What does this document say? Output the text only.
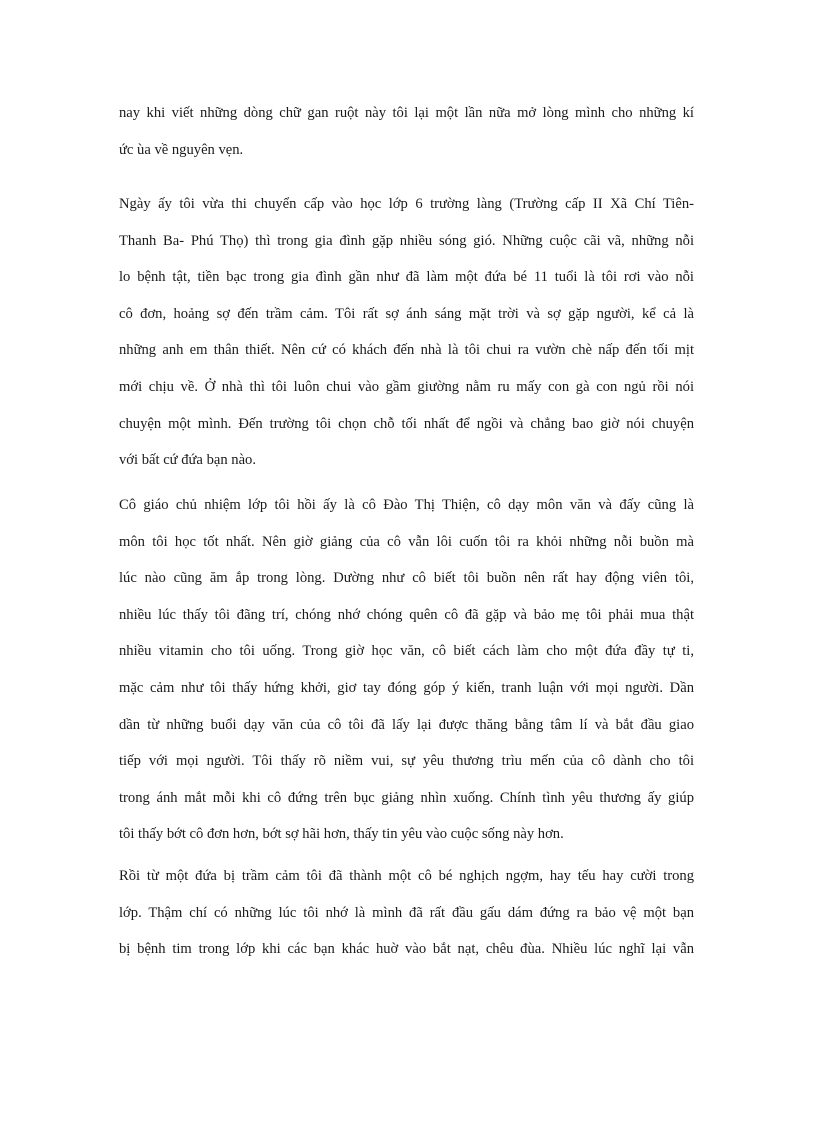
nay khi viết những dòng chữ gan ruột này tôi lại một lần nữa mở lòng mình cho những kí
ức ùa về nguyên vẹn.
Ngày ấy tôi vừa thi chuyển cấp vào học lớp 6 trường làng (Trường cấp II Xã Chí Tiên-
Thanh Ba- Phú Thọ) thì trong gia đình gặp nhiều sóng gió. Những cuộc cãi vã, những nỗi
lo bệnh tật, tiền bạc trong gia đình gần như đã làm một đứa bé 11 tuổi là tôi rơi vào nỗi
cô đơn, hoảng sợ đến trầm cảm. Tôi rất sợ ánh sáng mặt trời và sợ gặp người, kể cả là
những anh em thân thiết. Nên cứ có khách đến nhà là tôi chui ra vườn chè nấp đến tối mịt
mới chịu về. Ở nhà thì tôi luôn chui vào gầm giường nằm ru mấy con gà con ngủ rồi nói
chuyện một mình. Đến trường tôi chọn chỗ tối nhất để ngồi và chẳng bao giờ nói chuyện
với bất cứ đứa bạn nào.
Cô giáo chủ nhiệm lớp tôi hồi ấy là cô Đào Thị Thiện, cô dạy môn văn và đấy cũng là
môn tôi học tốt nhất. Nên giờ giảng của cô vẫn lôi cuốn tôi ra khỏi những nỗi buồn mà
lúc nào cũng ăm ắp trong lòng. Dường như cô biết tôi buồn nên rất hay động viên tôi,
nhiều lúc thấy tôi đãng trí, chóng nhớ chóng quên cô đã gặp và bảo mẹ tôi phải mua thật
nhiều vitamin cho tôi uống. Trong giờ học văn, cô biết cách làm cho một đứa đầy tự ti,
mặc cảm như tôi thấy hứng khởi, giơ tay đóng góp ý kiến, tranh luận với mọi người. Dần
dần từ những buổi dạy văn của cô tôi đã lấy lại được thăng bằng tâm lí và bắt đầu giao
tiếp với mọi người. Tôi thấy rõ niềm vui, sự yêu thương trìu mến của cô dành cho tôi
trong ánh mắt mỗi khi cô đứng trên bục giảng nhìn xuống. Chính tình yêu thương ấy giúp
tôi thấy bớt cô đơn hơn, bớt sợ hãi hơn, thấy tin yêu vào cuộc sống này hơn.
Rồi từ một đứa bị trầm cảm tôi đã thành một cô bé nghịch ngợm, hay tếu hay cười trong
lớp. Thậm chí có những lúc tôi nhớ là mình đã rất đầu gấu dám đứng ra bảo vệ một bạn
bị bệnh tim trong lớp khi các bạn khác huờ vào bắt nạt, chêu đùa. Nhiều lúc nghĩ lại vẫn
